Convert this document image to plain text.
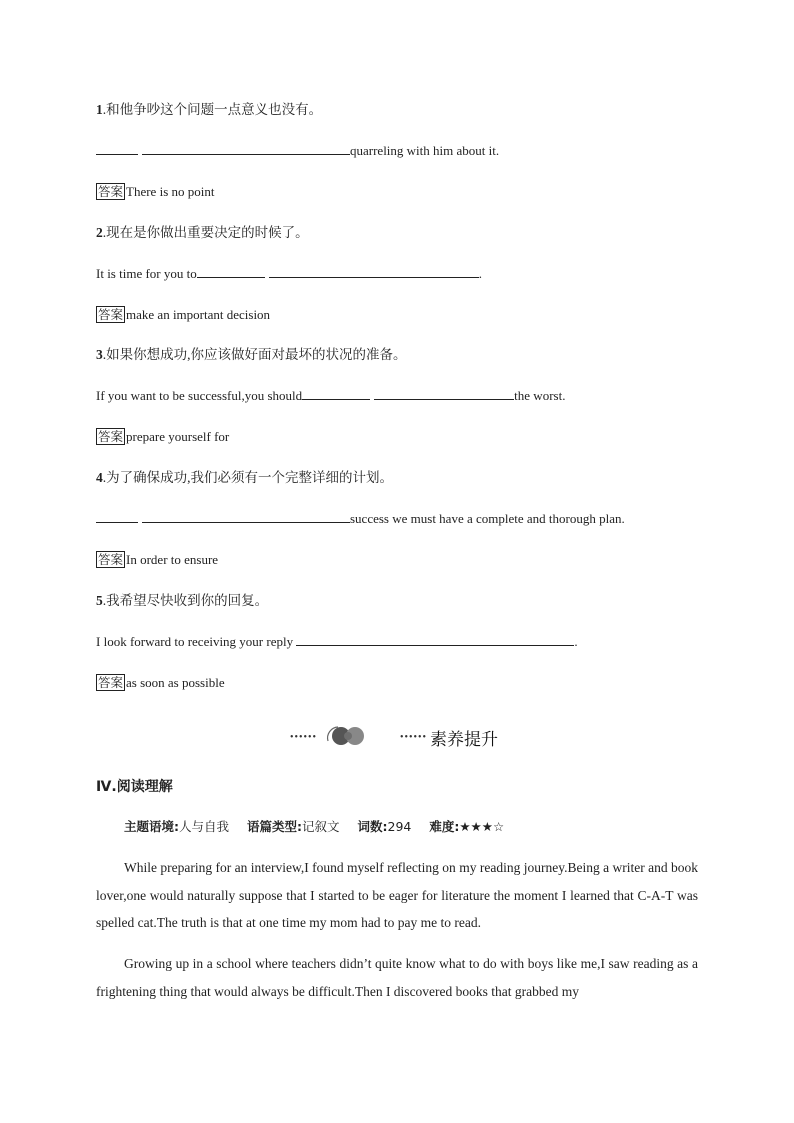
1.和他争吵这个问题一点意义也没有。
quarreling with him about it.
答案 There is no point
2.现在是你做出重要决定的时候了。
It is time for you to	.
答案 make an important decision
3.如果你想成功,你应该做好面对最坏的状况的准备。
If you want to be successful,you should	the worst.
答案 prepare yourself for
4.为了确保成功,我们必须有一个完整详细的计划。
success we must have a complete and thorough plan.
答案 In order to ensure
5.我希望尽快收到你的回复。
I look forward to receiving your reply	.
答案 as soon as possible
••••••	•••••• 素养提升
Ⅳ.阅读理解
主题语境:人与自我 语篇类型:记叙文 词数:294 难度:★★★☆
While preparing for an interview,I found myself reflecting on my reading journey.Being a writer and book lover,one would naturally suppose that I started to be eager for literature the moment I learned that C-A-T was spelled cat.The truth is that at one time my mom had to pay me to read.
Growing up in a school where teachers didn’t quite know what to do with boys like me,I saw reading as a frightening thing that would always be difficult.Then I discovered books that grabbed my
